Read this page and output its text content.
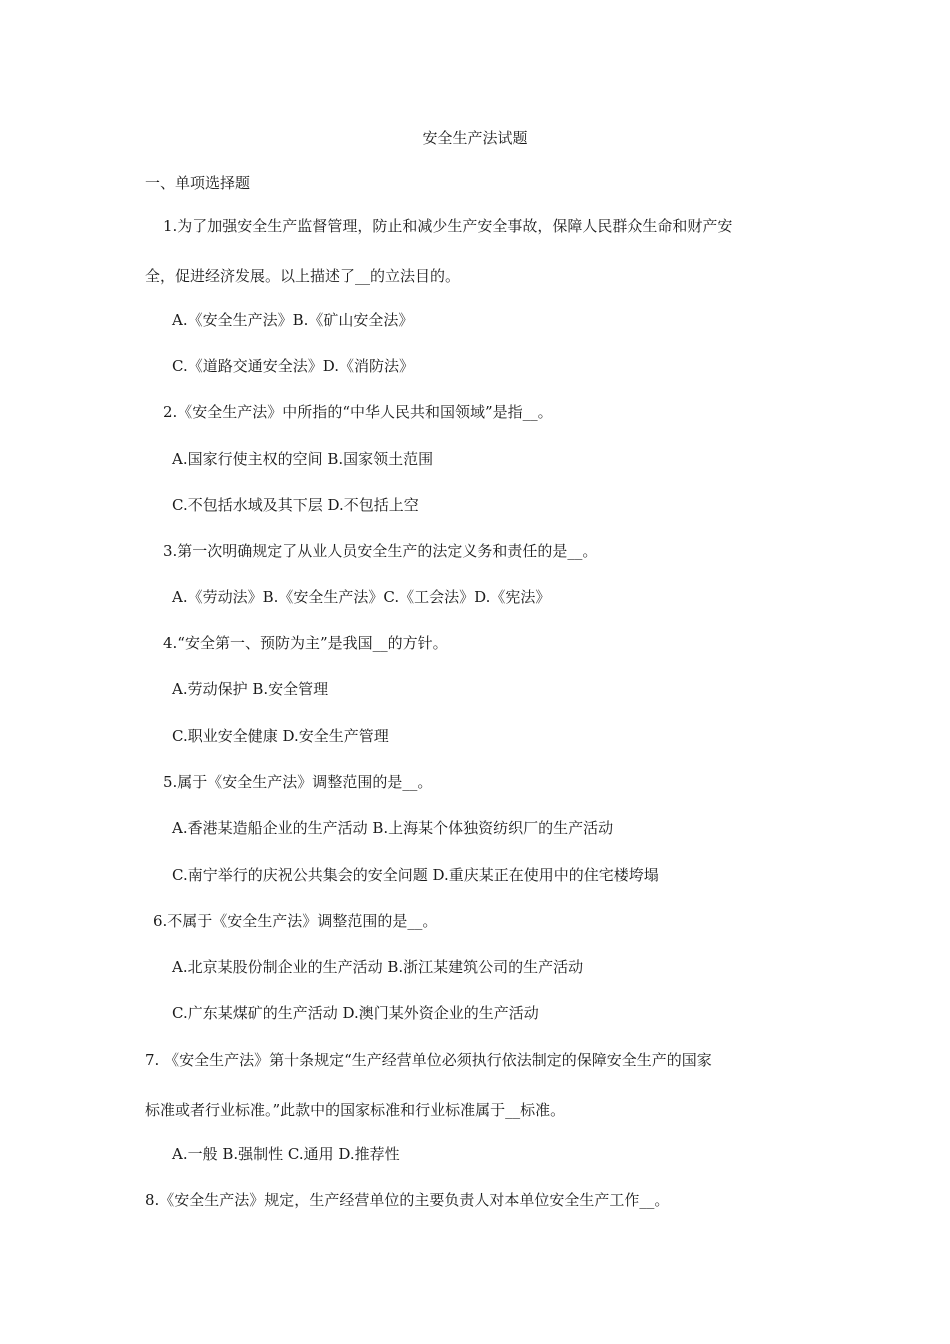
安全生产法试题
一、单项选择题
1.为了加强安全生产监督管理，防止和减少生产安全事故，保障人民群众生命和财产安
全，促进经济发展。以上描述了__的立法目的。
A.《安全生产法》B.《矿山安全法》
C.《道路交通安全法》D.《消防法》
2.《安全生产法》中所指的“中华人民共和国领域”是指__。
A.国家行使主权的空间 B.国家领土范围
C.不包括水域及其下层 D.不包括上空
3.第一次明确规定了从业人员安全生产的法定义务和责任的是__。
A.《劳动法》B.《安全生产法》C.《工会法》D.《宪法》
4.“安全第一、预防为主”是我国__的方针。
A.劳动保护 B.安全管理
C.职业安全健康 D.安全生产管理
5.属于《安全生产法》调整范围的是__。
A.香港某造船企业的生产活动 B.上海某个体独资纺织厂的生产活动
C.南宁举行的庆祝公共集会的安全问题 D.重庆某正在使用中的住宅楼垮塌
6.不属于《安全生产法》调整范围的是__。
A.北京某股份制企业的生产活动 B.浙江某建筑公司的生产活动
C.广东某煤矿的生产活动 D.澳门某外资企业的生产活动
7. 《安全生产法》第十条规定“生产经营单位必须执行依法制定的保障安全生产的国家
标准或者行业标准。”此款中的国家标准和行业标准属于__标准。
A.一般 B.强制性 C.通用 D.推荐性
8.《安全生产法》规定，生产经营单位的主要负责人对本单位安全生产工作__。
